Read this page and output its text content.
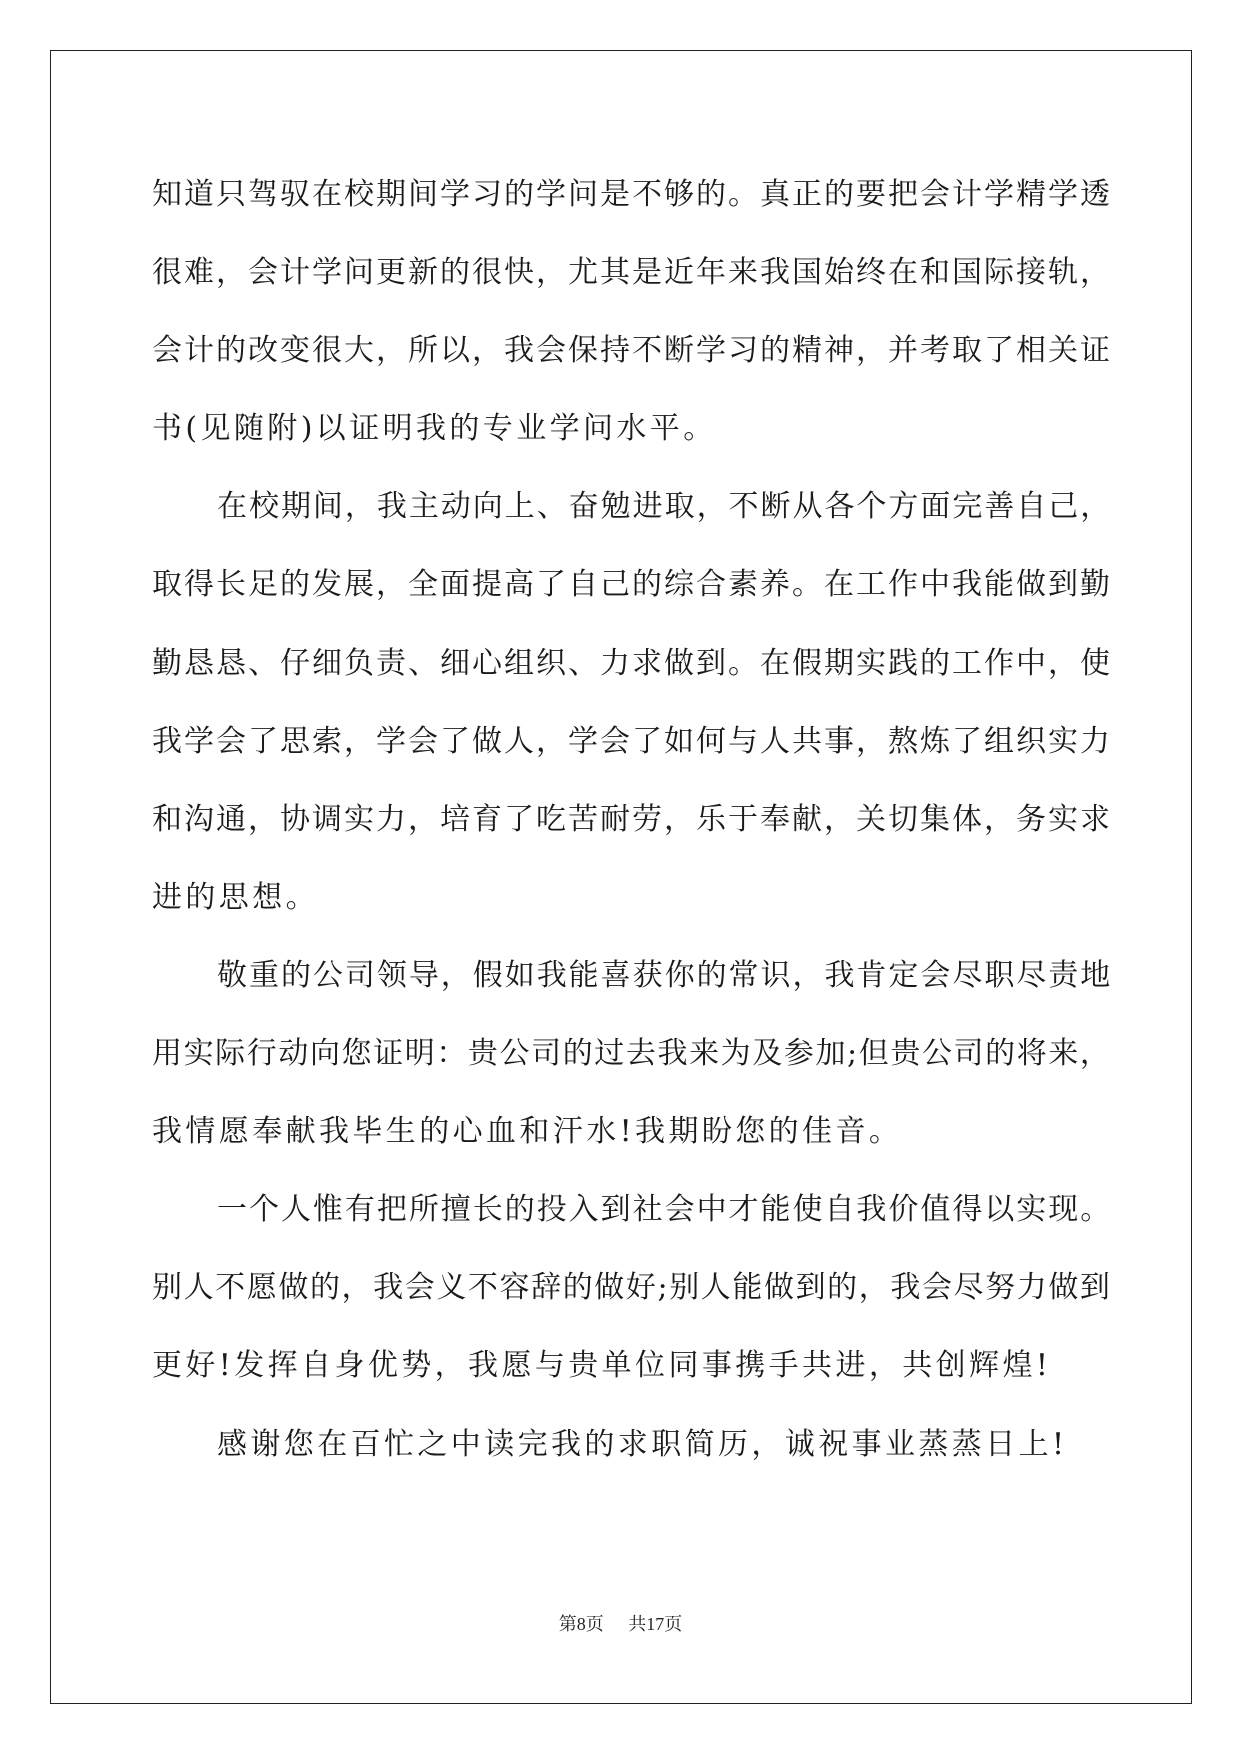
知道只驾驭在校期间学习的学问是不够的。真正的要把会计学精学透

很难，会计学问更新的很快，尤其是近年来我国始终在和国际接轨，

会计的改变很大，所以，我会保持不断学习的精神，并考取了相关证

书(见随附)以证明我的专业学问水平。

在校期间，我主动向上、奋勉进取，不断从各个方面完善自己，

取得长足的发展，全面提高了自己的综合素养。在工作中我能做到勤

勤恳恳、仔细负责、细心组织、力求做到。在假期实践的工作中，使

我学会了思索，学会了做人，学会了如何与人共事，熬炼了组织实力

和沟通，协调实力，培育了吃苦耐劳，乐于奉献，关切集体，务实求

进的思想。

敬重的公司领导，假如我能喜获你的常识，我肯定会尽职尽责地

用实际行动向您证明：贵公司的过去我来为及参加;但贵公司的将来，

我情愿奉献我毕生的心血和汗水!我期盼您的佳音。

一个人惟有把所擅长的投入到社会中才能使自我价值得以实现。

别人不愿做的，我会义不容辞的做好;别人能做到的，我会尽努力做到

更好!发挥自身优势，我愿与贵单位同事携手共进，共创辉煌!

感谢您在百忙之中读完我的求职简历，诚祝事业蒸蒸日上!

第8页 共17页
